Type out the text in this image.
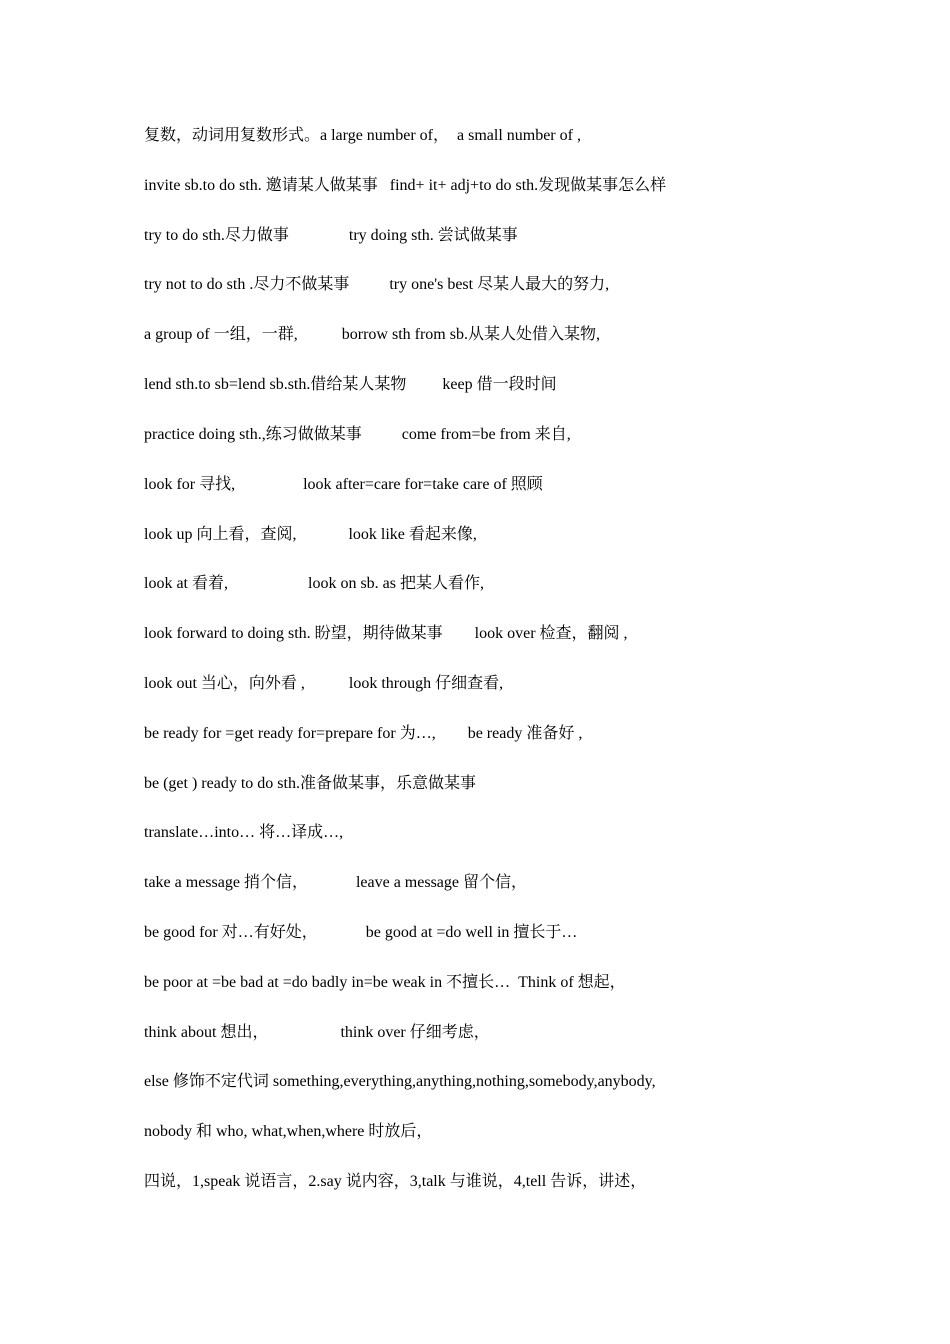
复数，动词用复数形式。a large number of，  a small number of ,
invite sb.to do sth. 邀请某人做某事   find+ it+ adj+to do sth.发现做某事怎么样
try to do sth.尽力做事               try doing sth. 尝试做某事
try not to do sth .尽力不做某事          try one's best 尽某人最大的努力,
a group of 一组，一群,           borrow sth from sb.从某人处借入某物,
lend sth.to sb=lend sb.sth.借给某人某物         keep 借一段时间
practice doing sth.,练习做做某事          come from=be from 来自,
look for 寻找,                 look after=care for=take care of 照顾
look up 向上看，查阅,             look like 看起来像,
look at 看着,                    look on sb. as 把某人看作,
look forward to doing sth. 盼望，期待做某事        look over 检查，翻阅 ,
look out 当心，向外看 ,           look through 仔细查看,
be ready for =get ready for=prepare for 为…,        be ready 准备好 ,
be (get ) ready to do sth.准备做某事，乐意做某事
translate…into… 将…译成…,
take a message 捎个信，            leave a message 留个信，
be good for 对…有好处，            be good at =do well in 擅长于…
be poor at =be bad at =do badly in=be weak in 不擅长…  Think of 想起，
think about 想出，                  think over 仔细考虑，
else 修饰不定代词 something,everything,anything,nothing,somebody,anybody,
nobody 和 who, what,when,where 时放后，
四说，1,speak 说语言，2.say 说内容，3,talk 与谁说，4,tell 告诉，讲述，
